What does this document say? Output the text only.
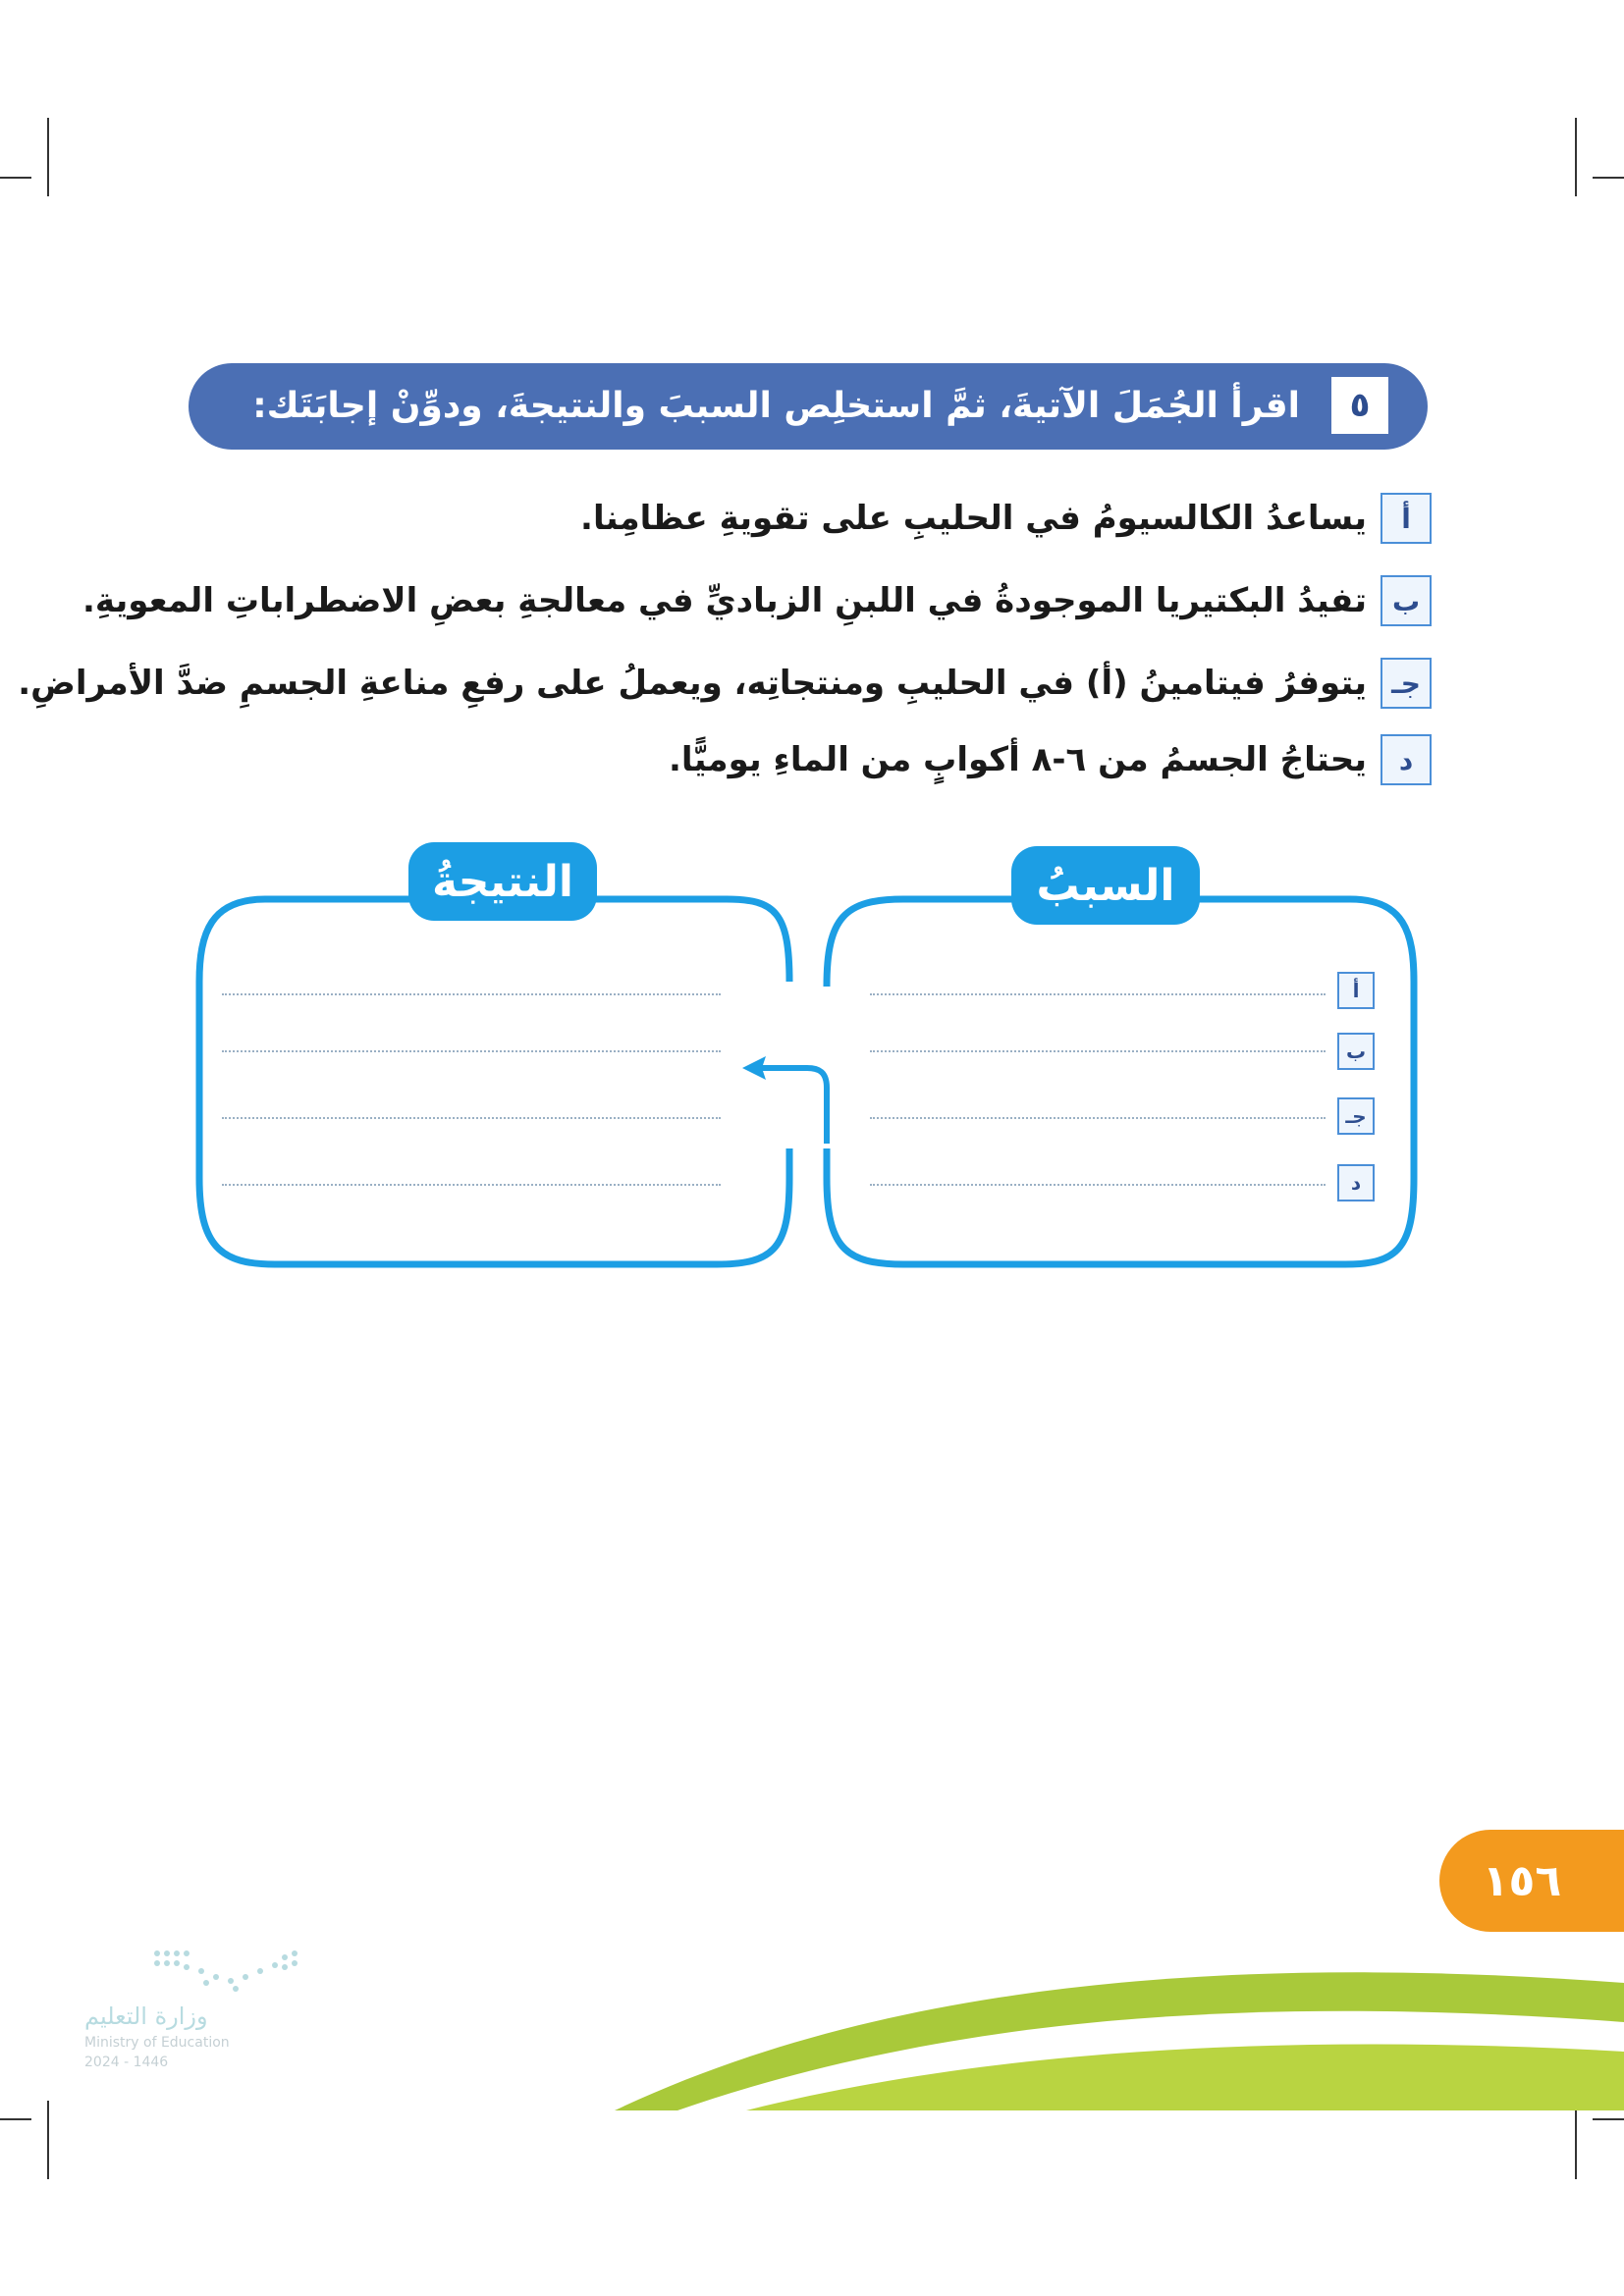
٥
اقرأ الجُمَلَ الآتيةَ، ثمَّ استخلِص السببَ والنتيجةَ، ودوِّنْ إجابَتَك:
أ
يساعدُ الكالسيومُ في الحليبِ على تقويةِ عظامِنا.
ب
تفيدُ البكتيريا الموجودةُ في اللبنِ الزباديِّ في معالجةِ بعضِ الاضطراباتِ المعويةِ.
جـ
يتوفرُ فيتامينُ (أ) في الحليبِ ومنتجاتِه، ويعملُ على رفعِ مناعةِ الجسمِ ضدَّ الأمراضِ.
د
يحتاجُ الجسمُ من ٦-٨ أكوابٍ من الماءِ يوميًّا.
السببُ
النتيجةُ
أ
ب
جـ
د
١٥٦
وزارة التعليم
Ministry of Education
2024 - 1446
